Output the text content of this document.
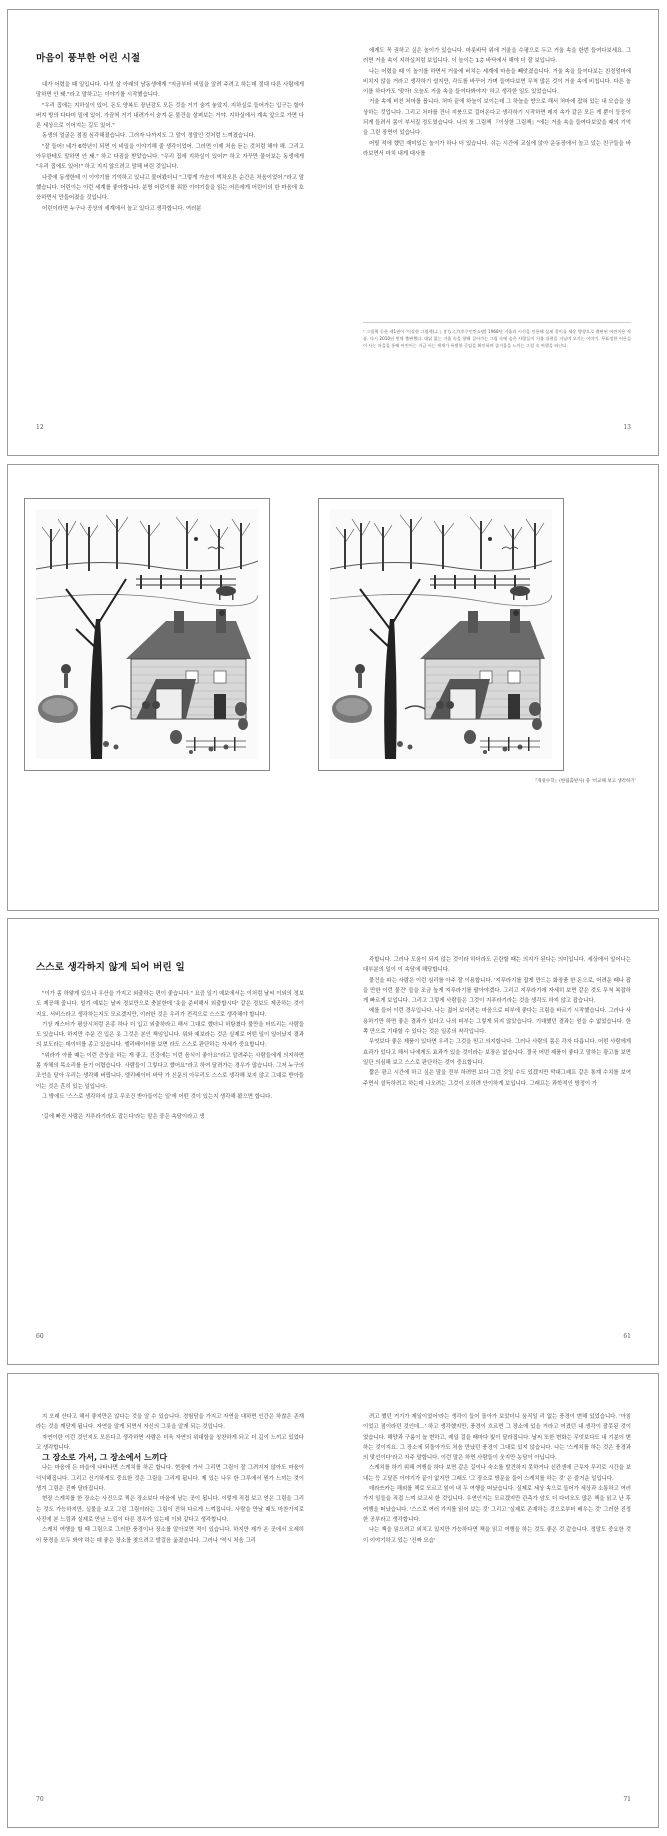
마음이 풍부한 어린 시절

내가 어렸을 때 일입니다. 다섯 살 아래의 남동생에게 "지금부터 비밀을 알려 주려고 하는데 절대 다른 사람에게 말하면 안 돼."라고 말하고는 이야기를 시작했습니다.

"우리 집에는 지하실이 있어. 돈도 양복도 장난감도 모든 것을 거기 숨겨 놓았지. 지하실로 들어가는 입구는 할아버지 방의 다다미 밑에 있어. 가끔씩 거기 내려가서 숨겨 둔 물건을 살펴보는 거야. 지하실에서 계속 앞으로 가면 다른 세상으로 이어지는 길도 있어."

동생의 얼굴은 점점 심각해졌습니다. 그러자 나까지도 그 말이 정말인 것처럼 느껴졌습니다.

"잘 들어! 네가 6학년이 되면 이 비밀을 이야기해 줄 생각이었어. 그러면 이제 처음 듣는 것처럼 해야 해. 그리고 아무한테도 말하면 안 돼." 하고 다짐을 받았습니다. "우리 집에 지하실이 있어?" 하고 자꾸만 물어보는 동생에게 "우리 집에도 있어!" 하고 지지 않으려고 말해 버린 것입니다.

나중에 동생한테 이 이야기를 기억하고 있냐고 물어봤더니 "그렇게 가슴이 벅차오른 순간은 처음이었어."라고 말했습니다. 어린이는 이런 세계를 좋아합니다. 분명 어린이를 위한 이야기들을 읽는 어른에게 어린이의 한 마음에 호응하면서 만들어졌을 것입니다.

어린이라면 누구나 공상의 세계에서 놀고 있다고 생각합니다. 여러분

12

에게도 꼭 권하고 싶은 놀이가 있습니다. 마룻바닥 위에 거울을 수평으로 두고 거울 속을 한번 들여다보세요. 그러면 거울 속이 지하실처럼 보입니다. 이 놀이는 1층 바닥에서 해야 더 잘 보입니다.

나는 어렸을 때 이 놀이를 하면서 거울에 비치는 세계에 마음을 빼앗겼습니다. 거울 속을 들여다보는 친정엄마에 비치지 않을 거라고 생각하기 쉽지만, 각도를 바꾸어 가며 들여다보면 무척 많은 것이 거울 속에 비칩니다. 다른 놀이를 하다가도 '맞아! 오늘도 거울 속을 들여다봐야지' 하고 생각한 일도 있었습니다.

거울 속에 비친 처마를 봅니다. 처마 끝에 하늘이 보이는데 그 하늘을 향으로 해서 처마에 잡혀 있는 내 모습을 상상하는 것입니다. 그리고 처마를 건너 지붕으로 걸어온다고 생각하기 시작하면 레지 속가 같은 모든 게 뿐이 둥둥이 되게 들려서 몸이 부서질 정도였습니다. 나의 첫 그림책 『이상한 그림책』¹에는 거울 속을 들여다보았을 때의 기억을 그린 장면이 있습니다.

어릴 적에 했던 재미있는 놀이가 하나 더 있습니다. 쉬는 시간에 교실에 앉아 운동장에서 놀고 있는 친구들을 바라보면서 마치 내게 대사를

¹ 그림책 동산 제1권이 '이상한 그림책(ふしぎなえ)'(후쿠인칸쇼텐) 1968년 거울과 시선을 인용해 실제 종이를 세운 방향으로 출판된 어린이용 작품. 다시 2010년 번역 출판했다. 대답 없는 거울 속을 향해 걸어가는 그림 속에 숨은 사람들이 거울 뒤편을 거닐며 오가는 이야기. 무표정한 어른들이 사는 마을을 통해 어린이는 지금 사는 세계가 특별한 곳임을 확인하며 즐거움을 느끼는 그림 속 여행을 떠난다.
13
『개성수학』(한림출판사) 중 '비교해 보고 생각하기'
스스로 생각하지 않게 되어 버린 일

"이가 좀 하얗게 있으나 우산을 가지고 외출하는 편이 좋습니다." 요즘 일기 예보에서는 이처럼 날씨 이외의 정보도 제공해 줍니다. 일기 예보는 날씨 정보만으로 충분한데 '옷을 준비해서 외출합시다' 같은 정보도 제공하는 것이지요. 서비스라고 생각하는지도 모르겠지만, 이러한 것은 우리가 전적으로 스스로 생각해야 합니다.

기상 캐스터가 평상시처럼 온종 하나 더 입고 외출하라고 해서 그대로 했더니 허탕쳤다 불만을 터뜨리는 사람들도 있습니다. 하지만 추운 건 입은 옷 그것은 본인 책임입니다. 위와 예보라는 것은 실제로 어떤 일이 일어났지 결과의 보도라는 데이터를 종고 있습니다. 엘리베이터를 보면 라도 스스로 판단하는 자세가 중요합니다.

"위라가 아플 때는 이런 증상을 하는 게 좋고, 건강에는 이런 음식이 좋아요"라고 알려주는 사람들에게 의지하면 몸 자체의 목소리를 듣기 어렵습니다. 사람들이 그렇다고 했어요"라고 하여 달려가는 경우가 많습니다. 그저 누구의 조언을 달아 우리는 생각해 버립니다. 엘리베이터 바닥 가 신문의 아무리도 스스로 생각해 보지 않고 그대로 받아들이는 것은 흔히 있는 일입니다.

그 밖에도 '스스로 생각하지 않고 무조건 받아들이는 일'에 어떤 것이 있는지 생각해 봤으면 합니다.

'길에 빠진 사람은 지푸라기라도 잡는다'라는 말은 중은 속담이라고 생

60

각합니다. 그러나 도움이 되지 않는 것이라 하더라도 곤란할 때는 의지가 된다는 의미입니다. 세상에서 일어나는 대부분의 일이 이 속담에 해당합니다.

물건을 파는 사람은 이런 심리를 아주 잘 이용합니다. '지푸라기를 잡게 만드는 화장품 한 돈으로, 어려운 때나 잡을 만한 이런 물건' 들을 조금 높게 지푸라기를 팔아야겠다. 그리고 지푸라기에 자세히 보면 같은 것도 무척 복잡하게 빠르게 보입니다. 그리고 그렇게 사람들은 그것이 지푸라기라는 것을 생각도 하지 않고 잡습니다.

예를 들어 이런 경우입니다. 나는 젊어 보이려는 마음으로 피부에 좋다는 크림을 바르기 시작했습니다. 그러나 사용하기만 하면 좋은 결과가 있다고 나의 피부는 그렇게 되지 않았습니다. 기대했던 결과는 얻을 수 없었습니다. 한쪽 만으로 기대할 수 있다는 것은 일종의 착각입니다.

무엇보다 좋은 제품이 있다면 우리는 그것을 믿고 의지합니다. 그러나 사람의 몸은 각자 다릅니다. 어떤 사람에게 효과가 있다고 해서 나에게도 효과가 있을 것이라는 보장은 없습니다. 결국 어떤 제품이 좋다고 말하는 광고를 보면 일단 의심해 보고 스스로 판단하는 것이 중요합니다.

짧은 광고 시간에 하고 싶은 말을 전부 하려면 보다 그런 것일 수도 있겠지만 막대그래프 같은 통계 수치를 보여 주면서 설득하려고 하는데 나오려는 그것이 오히려 안이하게 보입니다. 그래프는 과학적인 방정이 가

61

지 오래 산다고 해서 좋지만은 않다는 것을 알 수 있습니다. 경험담을 가지고 자연을 대하면 인간은 하찮은 존재라는 것을 깨닫게 됩니다. 자연을 알게 되면서 자신의 그릇을 알게 되는 것입니다.

자연이란 이런 것인지도 모른다고 생각하면 사람은 더욱 자연의 위대함을 칭찬하게 되고 더 깊이 느끼고 있었다고 생각합니다.

그 장소로 가서, 그 장소에서 느끼다

나는 마음에 든 마을에 나타나면 스케치를 하곤 합니다. 현장에 가서 그리면 그림이 잘 그려지지 않아도 마음이 넉넉해집니다. 그리고 신기하게도 중요한 것은 그림을 그리게 됩니다. 제 있는 나무 한 그루에서 뭔가 느끼는 것이 생겨 그림은 진짜 달라집니다.

현장 스케치를 한 장소는 사진으로 찍은 장소보다 마음에 남는 곳이 됩니다. 이렇게 직접 보고 얻은 그림을 그리는 것도 가능하지만, 실물을 보고 그린 그림이라는 그림이 전혀 다르게 느껴집니다. 사람을 만날 때도 마찬가지로 사진에 본 느낌과 실제로 만난 느낌이 다른 경우가 있는데 이와 같다고 생각합니다.

스케치 여행을 할 때 그림으로 그러한 풍경이나 장소를 알아보면 적이 있습니다. 하지만 제가 온 곳에서 오세히 이 풍경을 모두 봐야 하는 데 좋은 장소를 찾으려고 발걸음 옮겼습니다. 그러나 '역시 처음 그리

70

려고 했던 거기가 제일이었어'라는 생각이 들어 돌아가 보았더니 움직일 리 없는 풍경이 변해 있었습니다. '아침이었고 점이라던 것인데…' 하고 생각했지만, 풍경이 흐르면 그 장소에 있을 거라고 여겼던 내 생각이 잘못된 것이었습니다. 해양과 구름이 늘 변하고, 매일 걸을 때마다 빛이 달라집니다. 날씨 또한 변화는 무엇보다도 내 기분이 변하는 것이지요. 그 장소에 되돌아가도 처음 만났던 풍경이 그대로 있지 않습니다. 나는 '스케치를 하는 것은 풍경과의 맞선이다'라고 자주 말합니다. 이런 말은 하면 사람들이 웃지만 농담이 아닙니다.

스케치를 하기 위해 여행을 하다 보면 같은 길이나 숙소를 발견하지 못하거나 신칸센에 근무자 무리로 시간을 보내는 등 고달픈 이야기가 끝이 없지만 그래도 '그 장소로 방문을 들어 스케치를 하는 것' 은 즐거운 일입니다.

데라쓰카는 해외를 책로 모르고 읽어 내 두 여행을 떠났습니다. 실제로 세상 속으로 들어가 세상과 소통하고 여러 가지 일들을 직접 느껴 보고서 한 것입니다. 우연인지는 모르겠지만 관측가 암도 더 다녀오도 많은 책을 읽고 난 후 여행을 떠났습니다. '스스로 여러 가지를 읽어 보는 것' 그리고 '실제로 존재하는 것으로부터 배우는 것' 그러한 진정한 공부라고 생각합니다.

나는 책을 읽으려고 외치고 있지만 가능하다면 책을 읽고 여행을 하는 것도 좋은 것 같습니다. 정말도 중요한 것이 이야기하고 있는 '진짜 모습'

71
